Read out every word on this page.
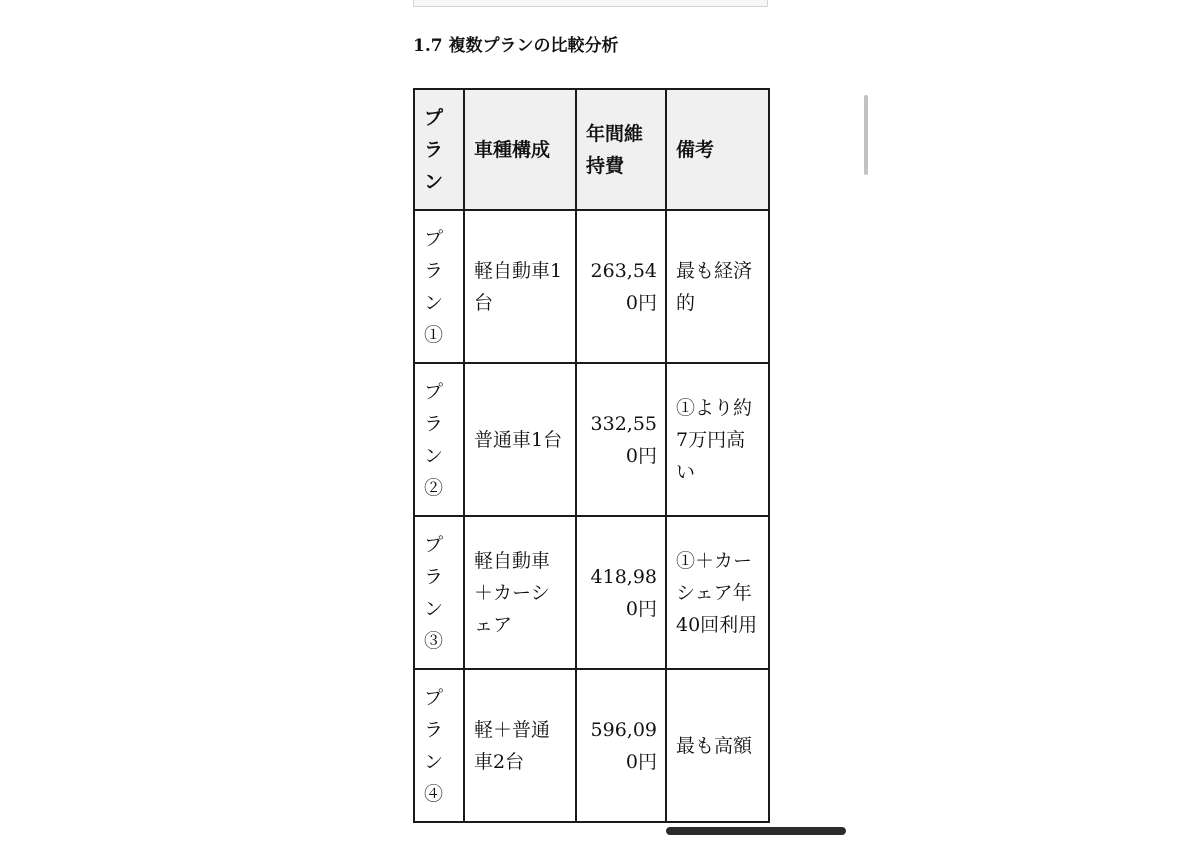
1.7 複数プランの比較分析
プラン	車種構成	年間維持費	備考
プラン①	軽自動車1台	263,540円	最も経済的
プラン②	普通車1台	332,550円	①より約7万円高い
プラン③	軽自動車＋カーシェア	418,980円	①＋カーシェア年40回利用
プラン④	軽＋普通車2台	596,090円	最も高額
